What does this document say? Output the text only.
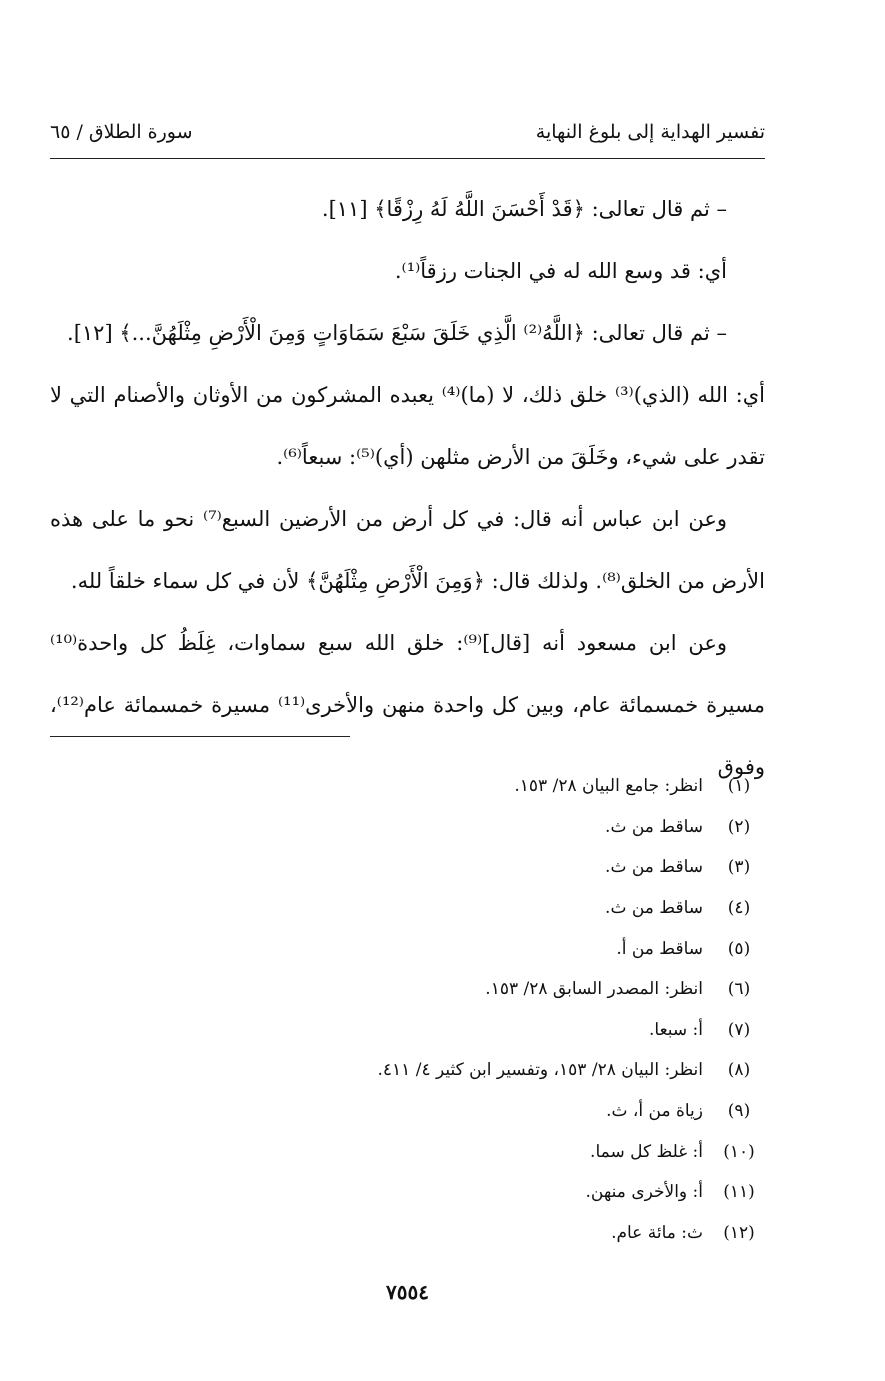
تفسير الهداية إلى بلوغ النهاية
سورة الطلاق / ٦٥

– ثم قال تعالى: ﴿قَدْ أَحْسَنَ اللَّهُ لَهُ رِزْقًا﴾ [١١].

أي: قد وسع الله له في الجنات رزقاً⁽¹⁾.

– ثم قال تعالى: ﴿اللَّهُ⁽²⁾ الَّذِي خَلَقَ سَبْعَ سَمَاوَاتٍ وَمِنَ الْأَرْضِ مِثْلَهُنَّ...﴾ [١٢].

أي: الله (الذي)⁽³⁾ خلق ذلك، لا (ما)⁽⁴⁾ يعبده المشركون من الأوثان والأصنام التي لا تقدر على شيء، وخَلَقَ من الأرض مثلهن (أي)⁽⁵⁾: سبعاً⁽⁶⁾.

وعن ابن عباس أنه قال: في كل أرض من الأرضين السبع⁽⁷⁾ نحو ما على هذه الأرض من الخلق⁽⁸⁾. ولذلك قال: ﴿وَمِنَ الْأَرْضِ مِثْلَهُنَّ﴾ لأن في كل سماء خلقاً لله.

وعن ابن مسعود أنه [قال]⁽⁹⁾: خلق الله سبع سماوات، غِلَظُ كل واحدة⁽¹⁰⁾ مسيرة خمسمائة عام، وبين كل واحدة منهن والأخرى⁽¹¹⁾ مسيرة خمسمائة عام⁽¹²⁾، وفوق

(١)
انظر: جامع البيان ٢٨/ ١٥٣.
(٢)
ساقط من ث.
(٣)
ساقط من ث.
(٤)
ساقط من ث.
(٥)
ساقط من أ.
(٦)
انظر: المصدر السابق ٢٨/ ١٥٣.
(٧)
أ: سبعا.
(٨)
انظر: البيان ٢٨/ ١٥٣، وتفسير ابن كثير ٤/ ٤١١.
(٩)
زياة من أ، ث.
(١٠)
أ: غلظ كل سما.
(١١)
أ: والأخرى منهن.
(١٢)
ث: مائة عام.
٧٥٥٤
